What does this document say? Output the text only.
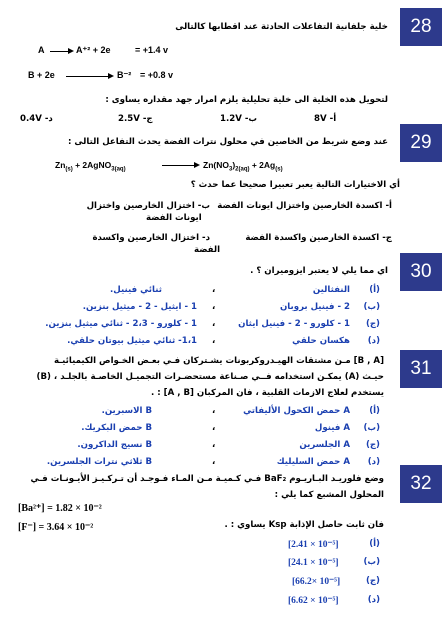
28
خلية جلفانية التفاعلات الحادثة عند اقطابها كالتالى
A → A⁺² + 2e	= +1.4 v
B + 2e → B⁻² = +0.8 v
لتحويل هذه الخلية الى خلية تحليلية يلزم امرار جهد مقداره يساوى :
أ- 8V
ب- 1.2V
ج- 2.5V
د- 0.4V
29
عند وضع شريط من الخاصين في محلول نترات الفضة يحدث التفاعل التالى :
$Zn_{(s)}$ + 2AgNO$_{3(aq)}$ → $Zn(NO_3)_{2(aq)} + 2Ag_{(s)}$
أي الاختيارات التالية يعبر تعبيرا صحيحا عما حدث ؟
أ- اكسدة الخارصين واختزال ايونات الفضة
ب- اختزال الخارصين واختزال
ايونات الفضة
ج- اكسدة الخارصين واكسدة الفضة
د- اختزال الخارصين واكسدة
الفضة
30
اي مما يلي لا يعتبر ايزوميران ؟ .
(أ)
النفثالين
،
ثنائي فينيل.
(ب)
2 - فينيل بروبان
،
1 - ايثيل - 2 - ميثيل بنزين.
(ج)
1 - كلورو - 2 - فينيل ايثان
،
1 - كلورو - 2،3 - ثنائي ميثيل بنزين.
(د)
هكسان حلقي
،
1،1- ثنائي ميثيل بيوتان حلقي.
31
[B , A] مـن مشتقات الهيـدروكربونات يشـتركان فـي بعـض الخـواص الكيميائيـة
حيـث (A) يمكـن استخدامه فــي صـناعة مستحضـرات التجميـل الخاصـة بالجلـد ، (B)
يستخدم لعلاج الازمات القلبية ، فان المركبان [A , B] : .
(أ)
A حمض الكحول الأليفاتي
،
B الاسبرين.
(ب)
A فينول
،
B حمض البكريك.
(ج)
A الجلسرين
،
B نسيج الداكرون.
(د)
A حمض السليليك
،
B ثلاثي نترات الجلسرين.
32
وضع فلوريـد البـاريـوم BaF₂ فـي كـميـة مـن المـاء فـوجـد أن تـركـيـز الأيـونـات فـي
المحلول المشبع كما يلي :
[Ba²⁺] = 1.82 × 10⁻²
[F⁻] = 3.64 × 10⁻²	فان ثابت حاصل الإذابة Ksp يساوي : .
(أ)
[2.41 × 10⁻⁵]
(ب)
[24.1 × 10⁻⁵]
(ج)
[66.2× 10⁻⁵]
(د)
[6.62 × 10⁻⁵]
